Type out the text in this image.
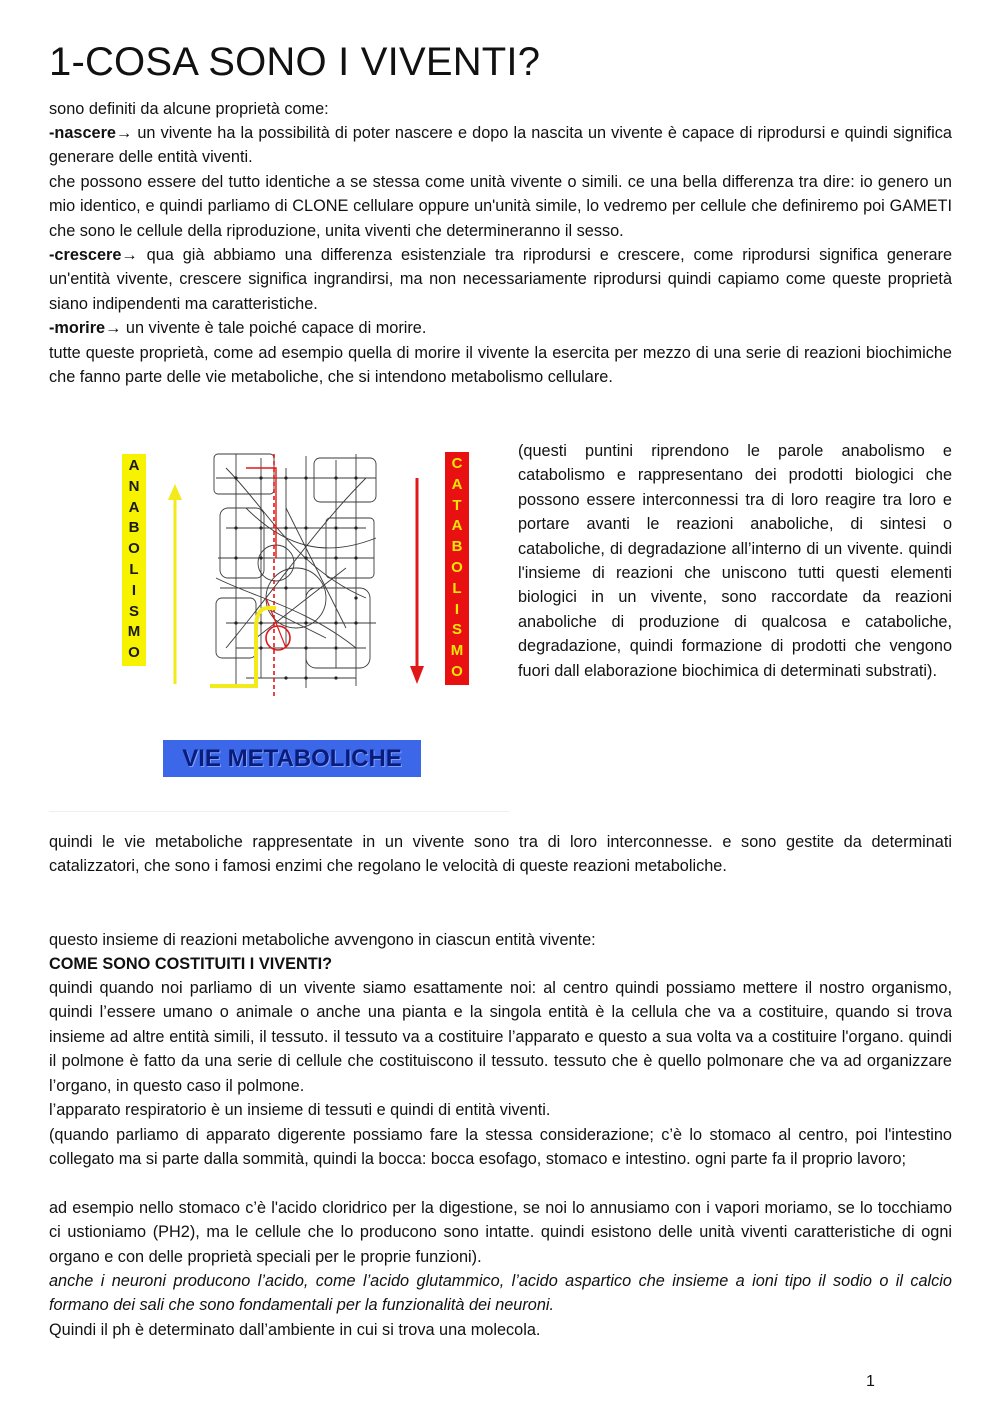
1-COSA SONO I VIVENTI?

sono definiti da alcune proprietà come:

-nascere→ un vivente ha la possibilità di poter nascere e dopo la nascita un vivente è capace di riprodursi e quindi significa generare delle entità viventi.

che possono essere del tutto identiche a se stessa come unità vivente o simili. ce una bella differenza tra dire: io genero un mio identico, e quindi parliamo di CLONE cellulare oppure un'unità simile, lo vedremo per cellule che definiremo poi GAMETI che sono le cellule della riproduzione, unita viventi che determineranno il sesso.

-crescere→ qua già abbiamo una differenza esistenziale tra riprodursi e crescere, come riprodursi significa generare un'entità vivente, crescere significa ingrandirsi, ma non necessariamente riprodursi quindi capiamo come queste proprietà siano indipendenti ma caratteristiche.

-morire→ un vivente è tale poiché capace di morire.

tutte queste proprietà, come ad esempio quella di morire il vivente la esercita per mezzo di una serie di reazioni biochimiche che fanno parte delle vie metaboliche, che si intendono metabolismo cellulare.

A
N
A
B
O
L
I
S
M
O
C
A
T
A
B
O
L
I
S
M
O
VIE METABOLICHE

(questi puntini riprendono le parole anabolismo e catabolismo e rappresentano dei prodotti biologici che possono essere interconnessi tra di loro reagire tra loro e portare avanti le reazioni anaboliche, di sintesi o cataboliche, di degradazione all’interno di un vivente. quindi l'insieme di reazioni che uniscono tutti questi elementi biologici in un vivente, sono raccordate da reazioni anaboliche di produzione di qualcosa e cataboliche, degradazione, quindi formazione di prodotti che vengono fuori dall elaborazione biochimica di determinati substrati).

quindi le vie metaboliche rappresentate in un vivente sono tra di loro interconnesse. e sono gestite da determinati catalizzatori, che sono i famosi enzimi che regolano le velocità di queste reazioni metaboliche.

questo insieme di reazioni metaboliche avvengono in ciascun entità vivente:

COME SONO COSTITUITI I VIVENTI?

quindi quando noi parliamo di un vivente siamo esattamente noi: al centro quindi possiamo mettere il nostro organismo, quindi l’essere umano o animale o anche una pianta e la singola entità è la cellula che va a costituire, quando si trova insieme ad altre entità simili, il tessuto. il tessuto va a costituire l’apparato e questo a sua volta va a costituire l'organo. quindi il polmone è fatto da una serie di cellule che costituiscono il tessuto. tessuto che è quello polmonare che va ad organizzare l’organo, in questo caso il polmone.

l’apparato respiratorio è un insieme di tessuti e quindi di entità viventi.

(quando parliamo di apparato digerente possiamo fare la stessa considerazione; c’è lo stomaco al centro, poi l'intestino collegato ma si parte dalla sommità, quindi la bocca: bocca esofago, stomaco e intestino. ogni parte fa il proprio lavoro;

ad esempio nello stomaco c’è l'acido cloridrico per la digestione, se noi lo annusiamo con i vapori moriamo, se lo tocchiamo ci ustioniamo (PH2), ma le cellule che lo producono sono intatte. quindi esistono delle unità viventi caratteristiche di ogni organo e con delle proprietà speciali per le proprie funzioni).

anche i neuroni producono l’acido, come l’acido glutammico, l’acido aspartico che insieme a ioni tipo il sodio o il calcio formano dei sali che sono fondamentali per la funzionalità dei neuroni.

Quindi il ph è determinato dall’ambiente in cui si trova una molecola.

1
